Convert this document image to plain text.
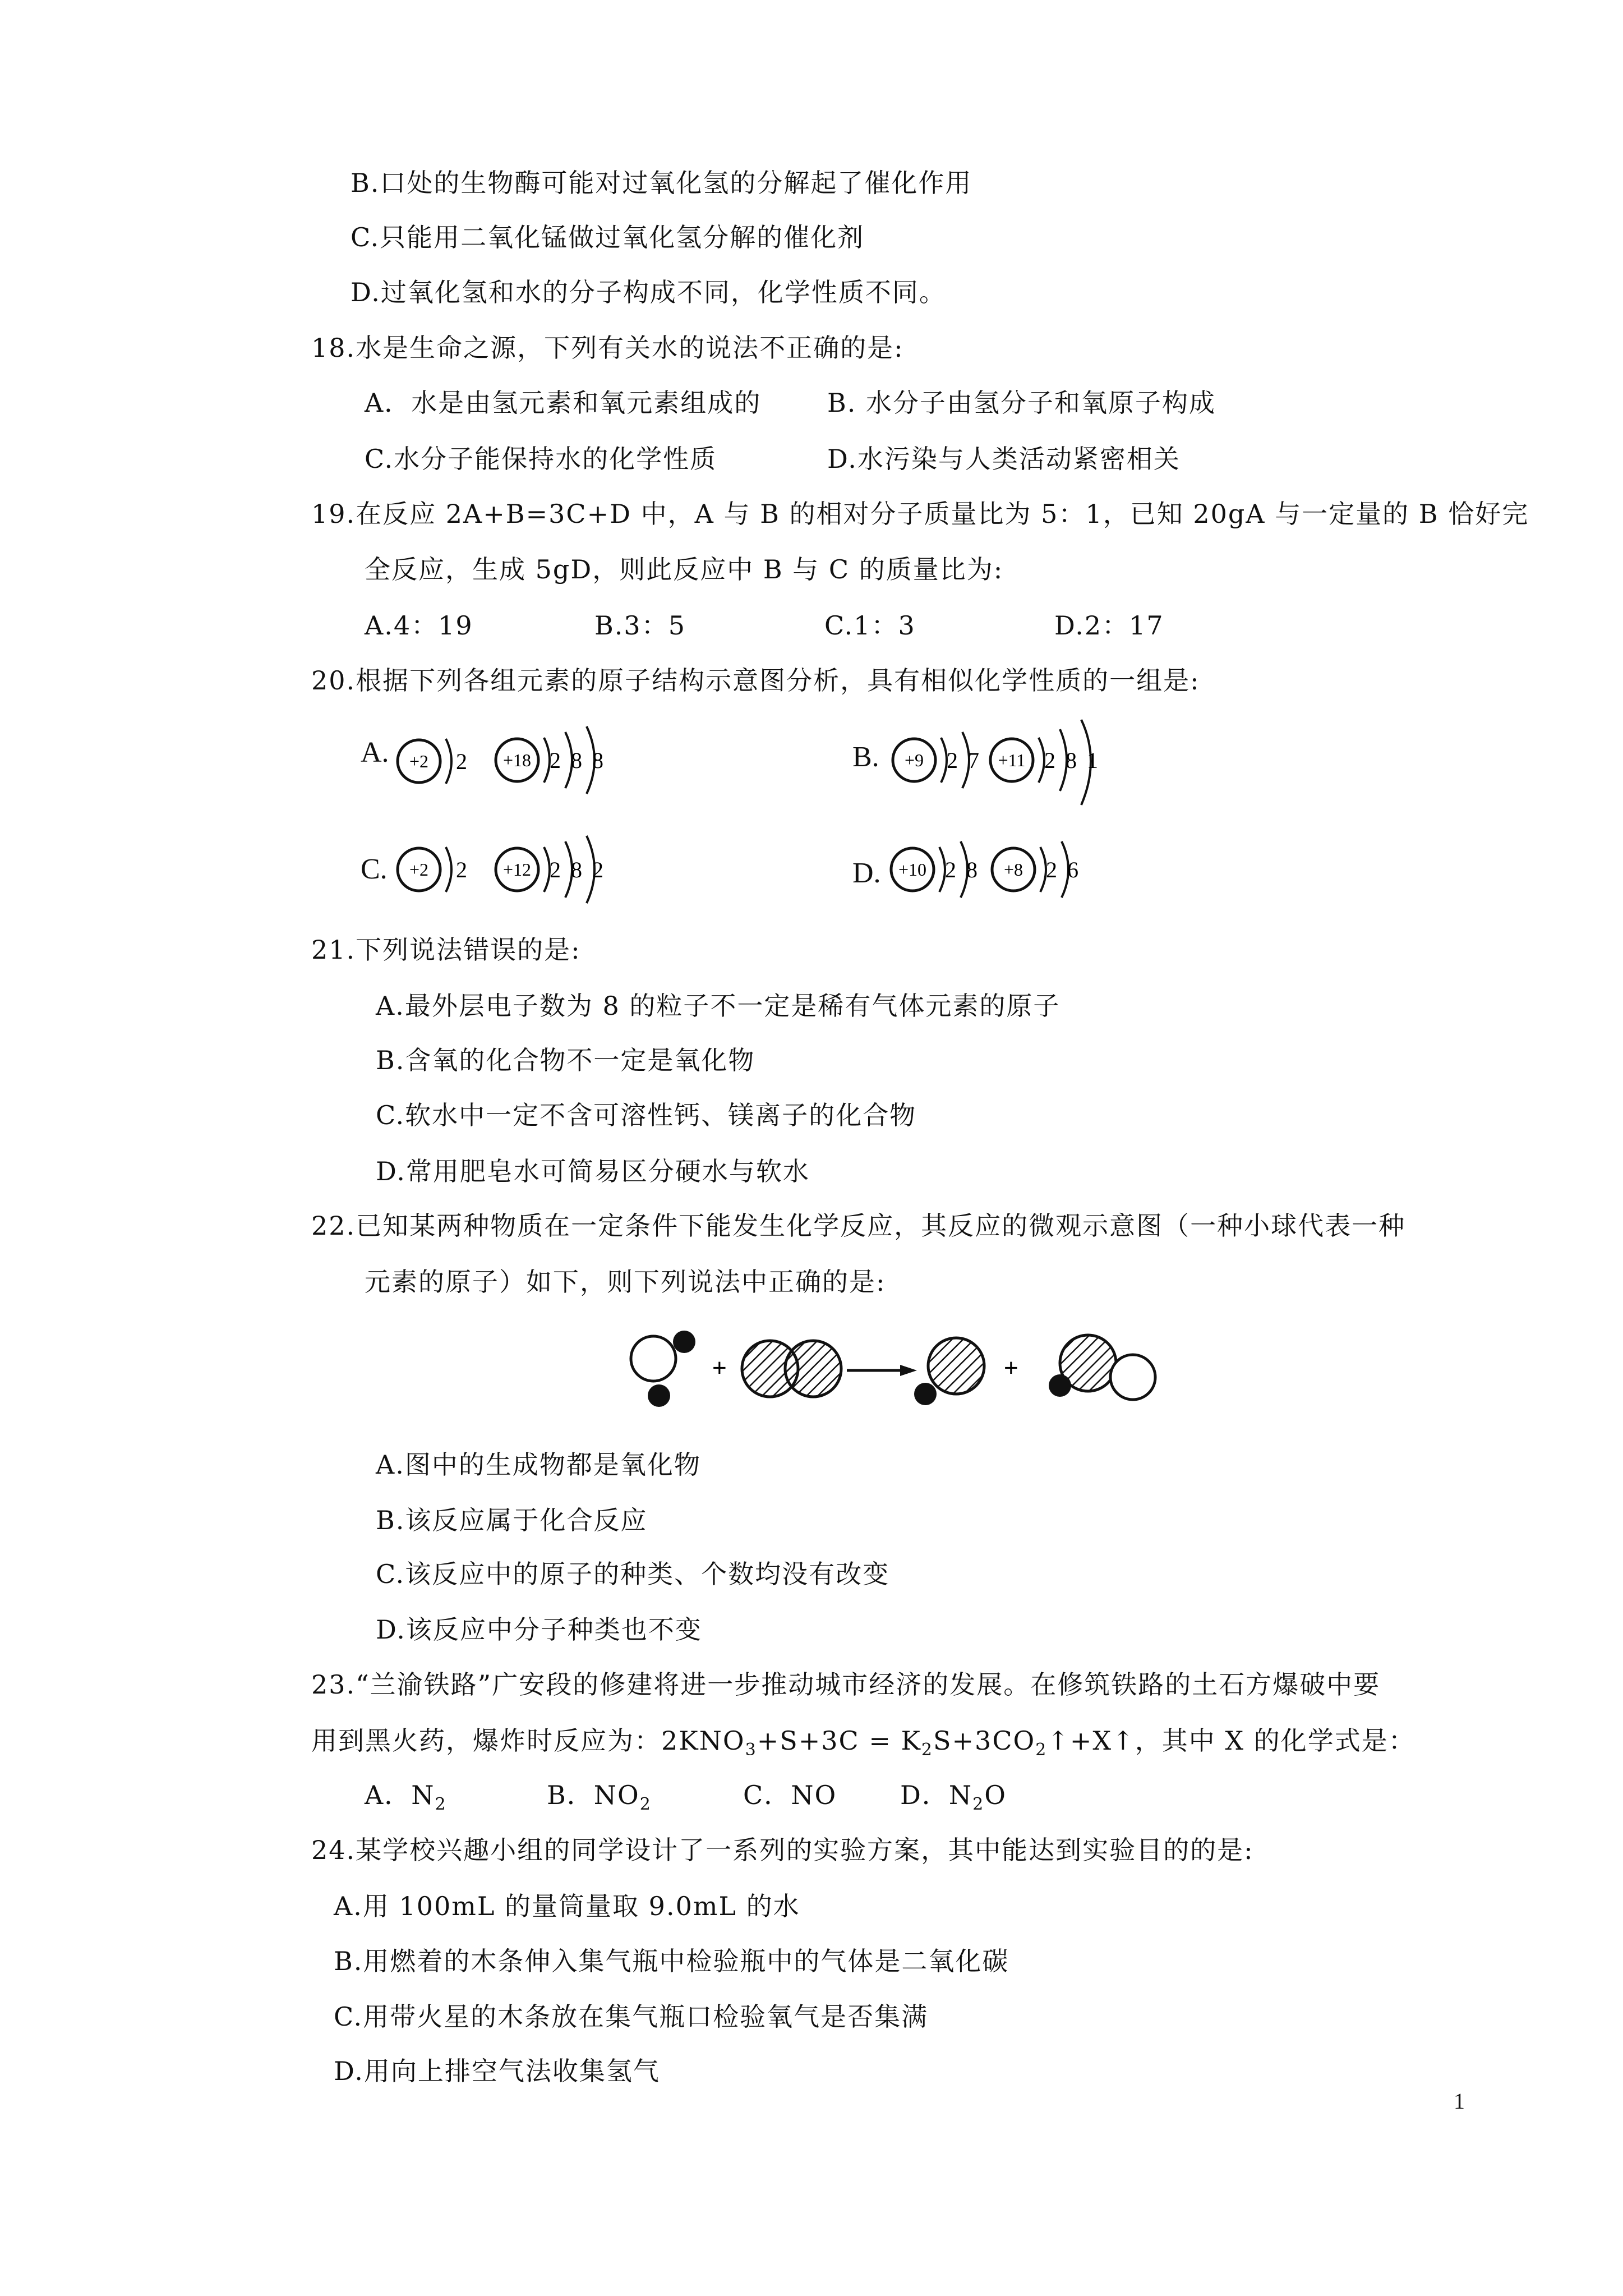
B.口处的生物酶可能对过氧化氢的分解起了催化作用
C.只能用二氧化锰做过氧化氢分解的催化剂
D.过氧化氢和水的分子构成不同，化学性质不同。
18.水是生命之源，下列有关水的说法不正确的是:
A．水是由氢元素和氧元素组成的	B. 水分子由氢分子和氧原子构成
C.水分子能保持水的化学性质	D.水污染与人类活动紧密相关
19.在反应 2A+B=3C+D 中，A 与 B 的相对分子质量比为 5：1，已知 20gA 与一定量的 B 恰好完
全反应，生成 5gD，则此反应中 B 与 C 的质量比为:
A.4：19	B.3：5	C.1：3	D.2：17
20.根据下列各组元素的原子结构示意图分析，具有相似化学性质的一组是:
A. +2 2 +18 2 8 8	B. +9 2 7 +11 2 8 1
C. +2 2 +12 2 8 2	D. +10 2 8 +8 2 6
21.下列说法错误的是:
A.最外层电子数为 8 的粒子不一定是稀有气体元素的原子
B.含氧的化合物不一定是氧化物
C.软水中一定不含可溶性钙、镁离子的化合物
D.常用肥皂水可简易区分硬水与软水
22.已知某两种物质在一定条件下能发生化学反应，其反应的微观示意图（一种小球代表一种
元素的原子）如下，则下列说法中正确的是:
+	+
A.图中的生成物都是氧化物
B.该反应属于化合反应
C.该反应中的原子的种类、个数均没有改变
D.该反应中分子种类也不变
23.“兰渝铁路”广安段的修建将进一步推动城市经济的发展。在修筑铁路的土石方爆破中要
用到黑火药，爆炸时反应为：$2KNO_3+S+3C$ = $K_2S+3CO_2↑+X↑$，其中 X 的化学式是：
A．$N_2$	B．$NO_2$	C．NO D．$N_2O$
24.某学校兴趣小组的同学设计了一系列的实验方案，其中能达到实验目的的是:
A.用 100mL 的量筒量取 9.0mL 的水
B.用燃着的木条伸入集气瓶中检验瓶中的气体是二氧化碳
C.用带火星的木条放在集气瓶口检验氧气是否集满
D.用向上排空气法收集氢气
1
